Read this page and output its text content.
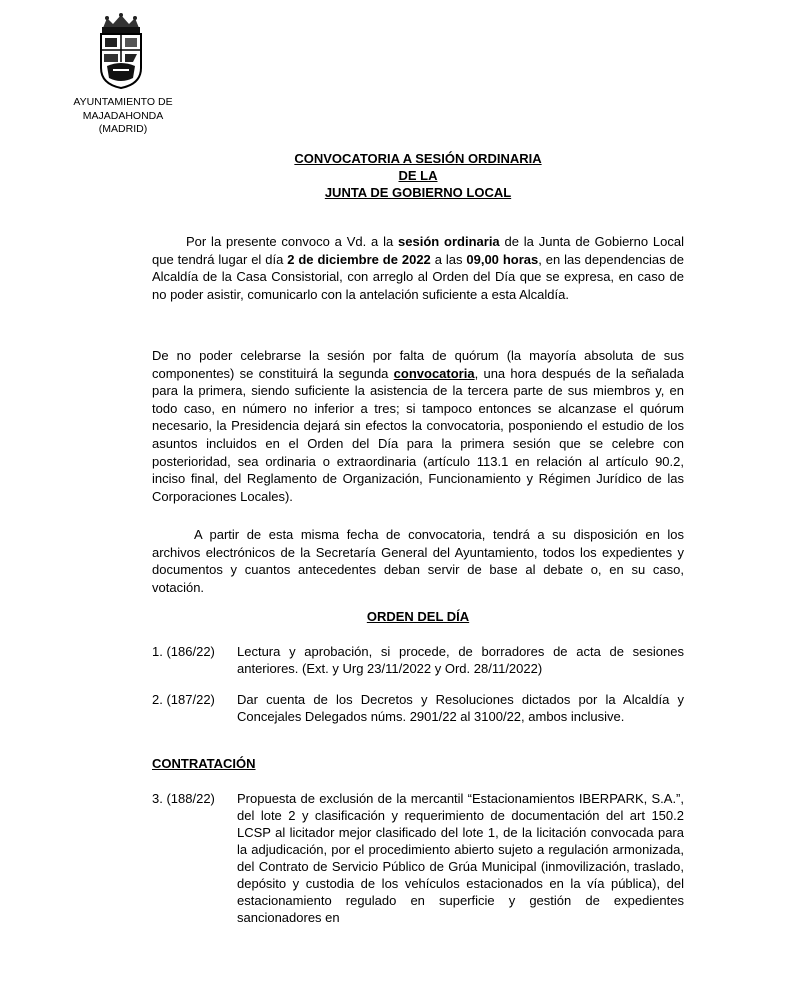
AYUNTAMIENTO DE
MAJADAHONDA
(MADRID)
CONVOCATORIA A SESIÓN ORDINARIA
DE LA
JUNTA DE GOBIERNO LOCAL
Por la presente convoco a Vd. a la sesión ordinaria de la Junta de Gobierno Local que tendrá lugar el día 2 de diciembre de 2022 a las 09,00 horas, en las dependencias de Alcaldía de la Casa Consistorial, con arreglo al Orden del Día que se expresa, en caso de no poder asistir, comunicarlo con la antelación suficiente a esta Alcaldía.
De no poder celebrarse la sesión por falta de quórum (la mayoría absoluta de sus componentes) se constituirá la segunda convocatoria, una hora después de la señalada para la primera, siendo suficiente la asistencia de la tercera parte de sus miembros y, en todo caso, en número no inferior a tres; si tampoco entonces se alcanzase el quórum necesario, la Presidencia dejará sin efectos la convocatoria, posponiendo el estudio de los asuntos incluidos en el Orden del Día para la primera sesión que se celebre con posterioridad, sea ordinaria o extraordinaria (artículo 113.1 en relación al artículo 90.2, inciso final, del Reglamento de Organización, Funcionamiento y Régimen Jurídico de las Corporaciones Locales).
A partir de esta misma fecha de convocatoria, tendrá a su disposición en los archivos electrónicos de la Secretaría General del Ayuntamiento, todos los expedientes y documentos y cuantos antecedentes deban servir de base al debate o, en su caso, votación.
ORDEN DEL DÍA
1. (186/22) Lectura y aprobación, si procede, de borradores de acta de sesiones anteriores. (Ext. y Urg 23/11/2022 y Ord. 28/11/2022)
2. (187/22) Dar cuenta de los Decretos y Resoluciones dictados por la Alcaldía y Concejales Delegados núms. 2901/22 al 3100/22, ambos inclusive.
CONTRATACIÓN
3. (188/22) Propuesta de exclusión de la mercantil “Estacionamientos IBERPARK, S.A.”, del lote 2 y clasificación y requerimiento de documentación del art 150.2 LCSP al licitador mejor clasificado del lote 1, de la licitación convocada para la adjudicación, por el procedimiento abierto sujeto a regulación armonizada, del Contrato de Servicio Público de Grúa Municipal (inmovilización, traslado, depósito y custodia de los vehículos estacionados en la vía pública), del estacionamiento regulado en superficie y gestión de expedientes sancionadores en
